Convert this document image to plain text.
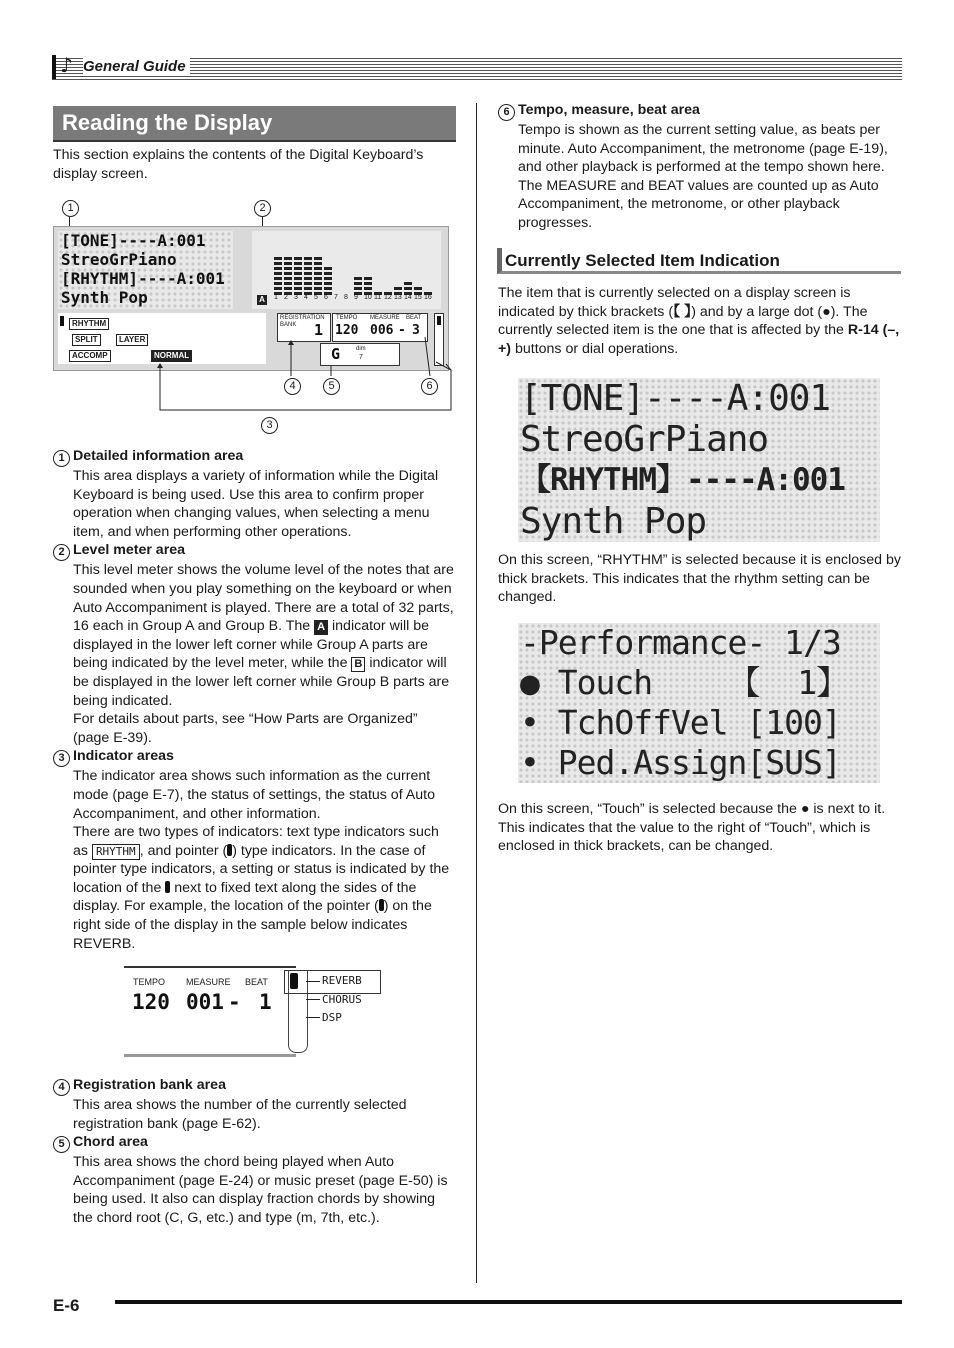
♪ General Guide
Reading the Display

This section explains the contents of the Digital Keyboard’s display screen.

1	2
[TONE]----A:001
StreoGrPiano
[RHYTHM]----A:001
Synth Pop	A	1 2 3 4 5 6 7 8 9 10 11 12 13 14 15 16
RHYTHM
SPLIT	LAYER
ACCOMP	NORMAL
REGISTRATION BANK	1
TEMPO MEASURE BEAT
120 006 - 3
G	dim
7
4	5	6
3
1 Detailed information area
This area displays a variety of information while the Digital Keyboard is being used. Use this area to confirm proper operation when changing values, when selecting a menu item, and when performing other operations.
2 Level meter area
This level meter shows the volume level of the notes that are sounded when you play something on the keyboard or when Auto Accompaniment is played. There are a total of 32 parts, 16 each in Group A and Group B. The A indicator will be displayed in the lower left corner while Group A parts are being indicated by the level meter, while the B indicator will be displayed in the lower left corner while Group B parts are being indicated.
For details about parts, see “How Parts are Organized” (page E-39).
3 Indicator areas
The indicator area shows such information as the current mode (page E-7), the status of settings, the status of Auto Accompaniment, and other information.
There are two types of indicators: text type indicators such as RHYTHM , and pointer ( ) type indicators. In the case of pointer type indicators, a setting or status is indicated by the location of the next to fixed text along the sides of the display. For example, the location of the pointer ( ) on the right side of the display in the sample below indicates REVERB.
TEMPO MEASURE BEAT
120 001 - 1
REVERB
CHORUS
DSP
4 Registration bank area
This area shows the number of the currently selected registration bank (page E-62).
5 Chord area
This area shows the chord being played when Auto Accompaniment (page E-24) or music preset (page E-50) is being used. It also can display fraction chords by showing the chord root (C, G, etc.) and type (m, 7th, etc.).
6 Tempo, measure, beat area
Tempo is shown as the current setting value, as beats per minute. Auto Accompaniment, the metronome (page E-19), and other playback is performed at the tempo shown here. The MEASURE and BEAT values are counted up as Auto Accompaniment, the metronome, or other playback progresses.
Currently Selected Item Indication

The item that is currently selected on a display screen is indicated by thick brackets (【 】) and by a large dot (●). The currently selected item is the one that is affected by the R-14 (–, +) buttons or dial operations.

[TONE]----A:001
StreoGrPiano
【RHYTHM】----A:001
Synth Pop

On this screen, “RHYTHM” is selected because it is enclosed by thick brackets. This indicates that the rhythm setting can be changed.

-Performance- 1/3
● Touch    【  1】
• TchOffVel [100]
• Ped.Assign[SUS]

On this screen, “Touch” is selected because the ● is next to it. This indicates that the value to the right of “Touch”, which is enclosed in thick brackets, can be changed.

E-6
